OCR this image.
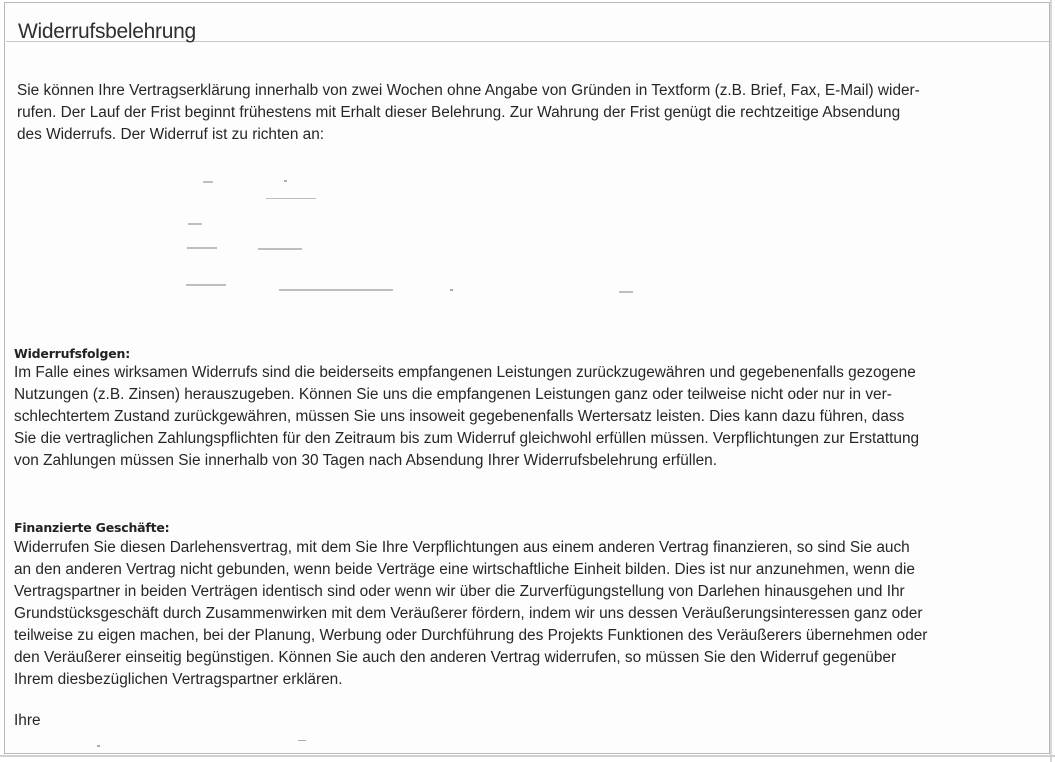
Widerrufsbelehrung
Sie können Ihre Vertragserklärung innerhalb von zwei Wochen ohne Angabe von Gründen in Textform (z.B. Brief, Fax, E-Mail) wider-
rufen. Der Lauf der Frist beginnt frühestens mit Erhalt dieser Belehrung. Zur Wahrung der Frist genügt die rechtzeitige Absendung
des Widerrufs. Der Widerruf ist zu richten an:
Widerrufsfolgen:
Im Falle eines wirksamen Widerrufs sind die beiderseits empfangenen Leistungen zurückzugewähren und gegebenenfalls gezogene
Nutzungen (z.B. Zinsen) herauszugeben. Können Sie uns die empfangenen Leistungen ganz oder teilweise nicht oder nur in ver-
schlechtertem Zustand zurückgewähren, müssen Sie uns insoweit gegebenenfalls Wertersatz leisten. Dies kann dazu führen, dass
Sie die vertraglichen Zahlungspflichten für den Zeitraum bis zum Widerruf gleichwohl erfüllen müssen. Verpflichtungen zur Erstattung
von Zahlungen müssen Sie innerhalb von 30 Tagen nach Absendung Ihrer Widerrufsbelehrung erfüllen.
Finanzierte Geschäfte:
Widerrufen Sie diesen Darlehensvertrag, mit dem Sie Ihre Verpflichtungen aus einem anderen Vertrag finanzieren, so sind Sie auch
an den anderen Vertrag nicht gebunden, wenn beide Verträge eine wirtschaftliche Einheit bilden. Dies ist nur anzunehmen, wenn die
Vertragspartner in beiden Verträgen identisch sind oder wenn wir über die Zurverfügungstellung von Darlehen hinausgehen und Ihr
Grundstücksgeschäft durch Zusammenwirken mit dem Veräußerer fördern, indem wir uns dessen Veräußerungsinteressen ganz oder
teilweise zu eigen machen, bei der Planung, Werbung oder Durchführung des Projekts Funktionen des Veräußerers übernehmen oder
den Veräußerer einseitig begünstigen. Können Sie auch den anderen Vertrag widerrufen, so müssen Sie den Widerruf gegenüber
Ihrem diesbezüglichen Vertragspartner erklären.
Ihre
